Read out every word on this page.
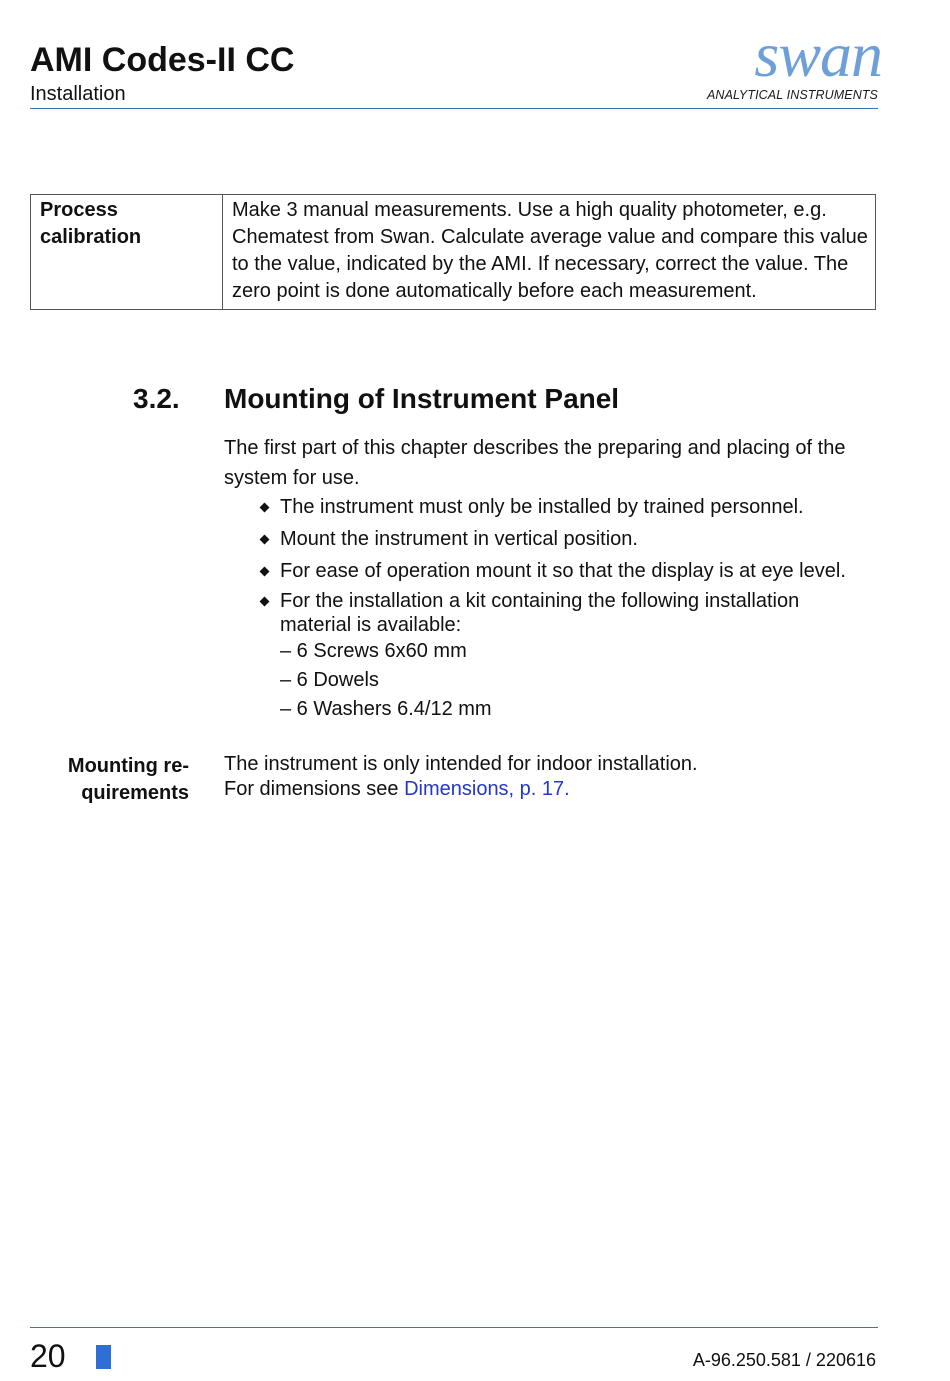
AMI Codes-II CC
Installation
swan
ANALYTICAL INSTRUMENTS
Process
calibration
	Make 3 manual measurements. Use a high quality photometer, e.g. Chematest from Swan. Calculate average value and compare this value to the value, indicated by the AMI. If necessary, correct the value. The zero point is done automatically before each measurement.
3.2. Mounting of Instrument Panel
The first part of this chapter describes the preparing and placing of the system for use.
The instrument must only be installed by trained personnel.
Mount the instrument in vertical position.
For ease of operation mount it so that the display is at eye level.
For the installation a kit containing the following installation material is available:
– 6 Screws 6x60 mm
– 6 Dowels
– 6 Washers 6.4/12 mm
Mounting re-
quirements
The instrument is only intended for indoor installation.
For dimensions see Dimensions, p. 17.
20	A-96.250.581 / 220616
